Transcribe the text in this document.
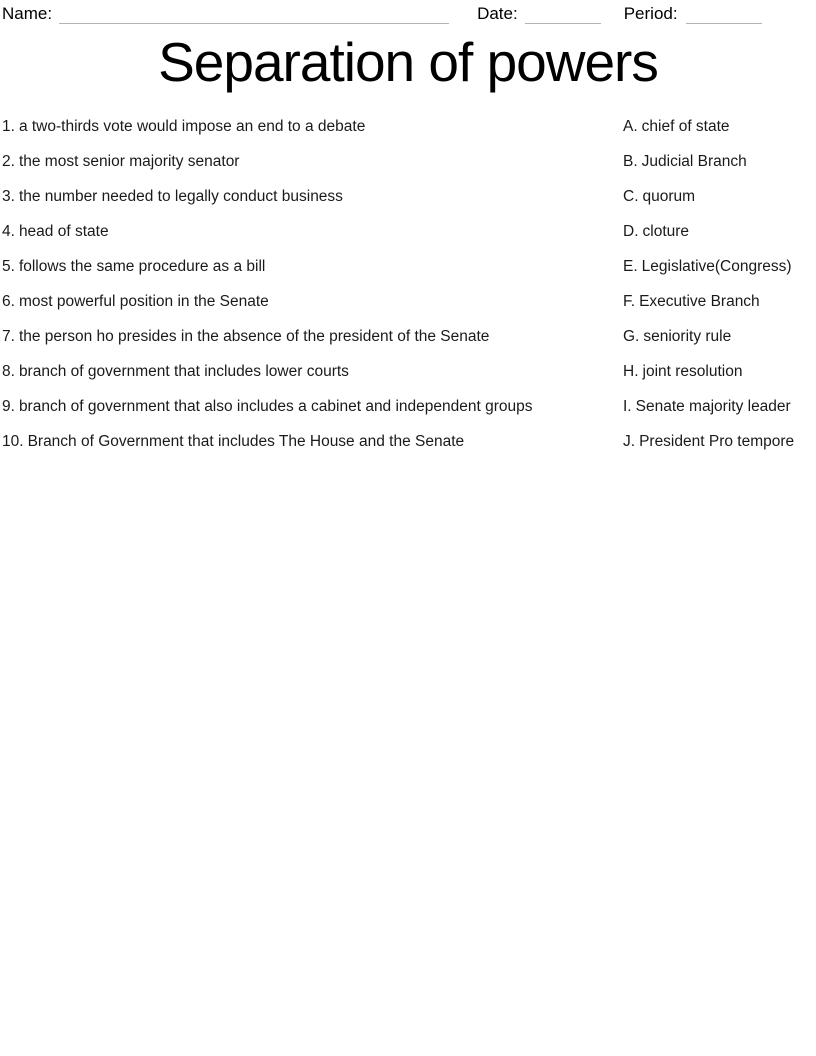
Name:	Date:	Period:
Separation of powers
1. a two-thirds vote would impose an end to a debate	A. chief of state
2. the most senior majority senator	B. Judicial Branch
3. the number needed to legally conduct business	C. quorum
4. head of state	D. cloture
5. follows the same procedure as a bill	E. Legislative(Congress)
6. most powerful position in the Senate	F. Executive Branch
7. the person ho presides in the absence of the president of the Senate	G. seniority rule
8. branch of government that includes lower courts	H. joint resolution
9. branch of government that also includes a cabinet and independent groups	I. Senate majority leader
10. Branch of Government that includes The House and the Senate	J. President Pro tempore
